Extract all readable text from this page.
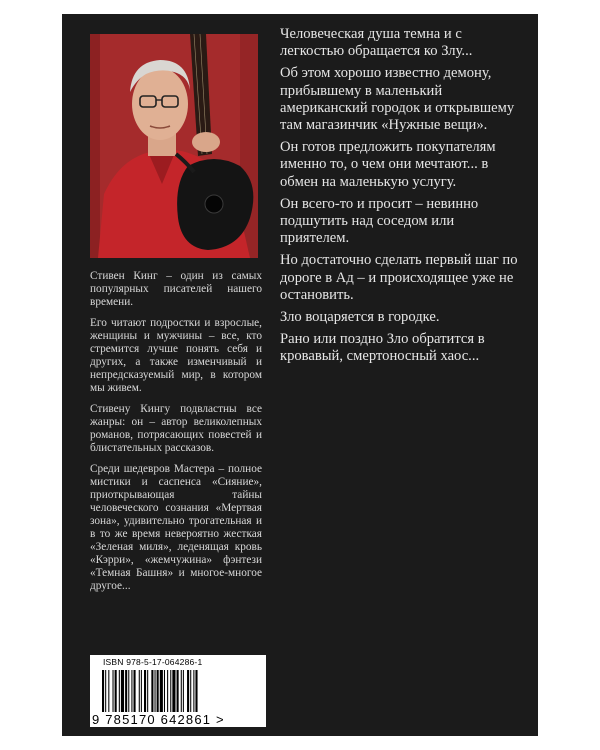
Стивен Кинг – один из самых популярных писателей нашего времени.

Его читают подростки и взрослые, женщины и мужчины – все, кто стремится лучше понять себя и других, а также изменчивый и непредсказуемый мир, в котором мы живем.

Стивену Кингу подвластны все жанры: он – автор великолепных романов, потрясающих повестей и блистательных рассказов.

Среди шедевров Мастера – полное мистики и саспенса «Сияние», приоткрывающая тайны человеческого сознания «Мертвая зона», удивительно трогательная и в то же время невероятно жесткая «Зеленая миля», леденящая кровь «Кэрри», «жемчужина» фэнтези «Темная Башня» и многое-многое другое...

Человеческая душа темна и с легкостью обращается ко Злу...

Об этом хорошо известно демону, прибывшему в маленький американский городок и открывшему там магазинчик «Нужные вещи».

Он готов предложить покупателям именно то, о чем они мечтают... в обмен на маленькую услугу.

Он всего-то и просит – невинно подшутить над соседом или приятелем.

Но достаточно сделать первый шаг по дороге в Ад – и происходящее уже не остановить.

Зло воцаряется в городке.

Рано или поздно Зло обратится в кровавый, смертоносный хаос...

ISBN 978-5-17-064286-1
9 785170 642861 >
